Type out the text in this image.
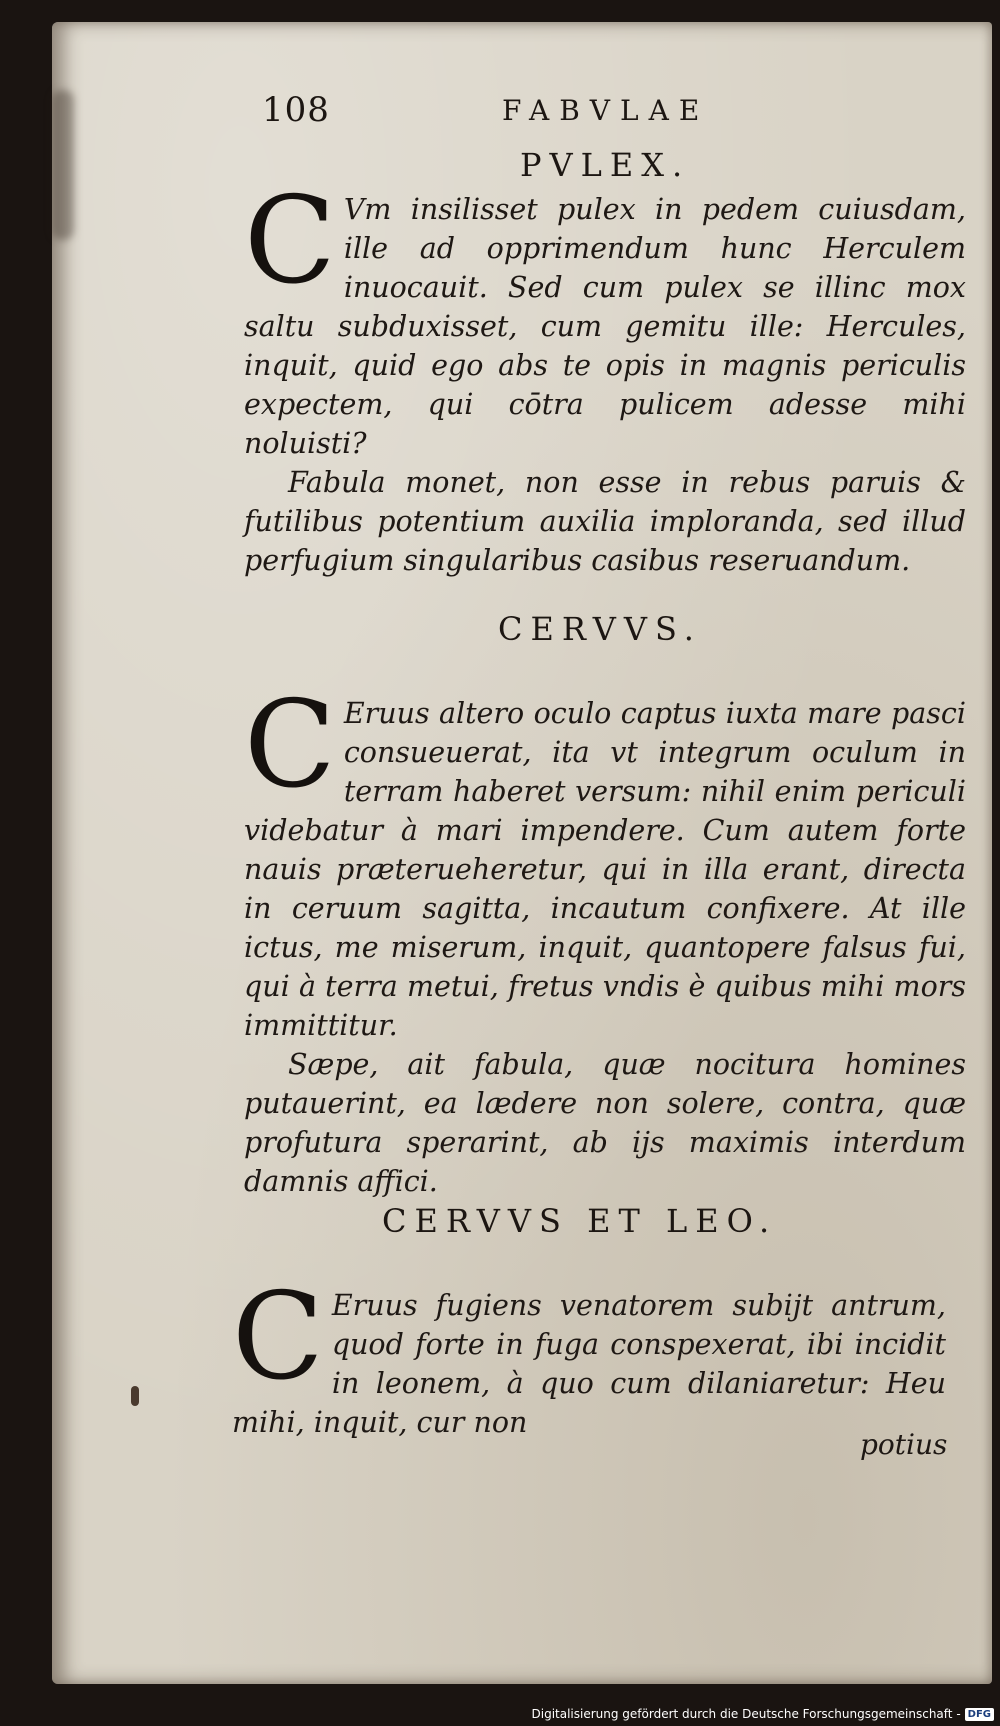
108	FABVLAE
PVLEX.

C Vm insilisset pulex in pedem cuiusdam, ille ad opprimendum hunc Herculem inuocauit. Sed cum pulex se illinc mox saltu subduxisset, cum gemitu ille: Hercules, inquit, quid ego abs te opis in magnis periculis expectem, qui cōtra pulicem adesse mihi noluisti?

Fabula monet, non esse in rebus paruis & futilibus potentium auxilia imploranda, sed illud perfugium singularibus casibus reseruandum.

CERVVS.

C Eruus altero oculo captus iuxta mare pasci consueuerat, ita vt integrum oculum in terram haberet versum: nihil enim periculi videbatur à mari impendere. Cum autem forte nauis præterueheretur, qui in illa erant, directa in ceruum sagitta, incautum confixere. At ille ictus, me miserum, inquit, quantopere falsus fui, qui à terra metui, fretus vndis è quibus mihi mors immittitur.

Sæpe, ait fabula, quæ nocitura homines putauerint, ea lædere non solere, contra, quæ profutura sperarint, ab ijs maximis interdum damnis affici.

CERVVS ET LEO.

C Eruus fugiens venatorem subijt antrum, quod forte in fuga conspexerat, ibi incidit in leonem, à quo cum dilaniaretur: Heu mihi, inquit, cur non

potius
Digitalisierung gefördert durch die Deutsche Forschungsgemeinschaft - DFG
